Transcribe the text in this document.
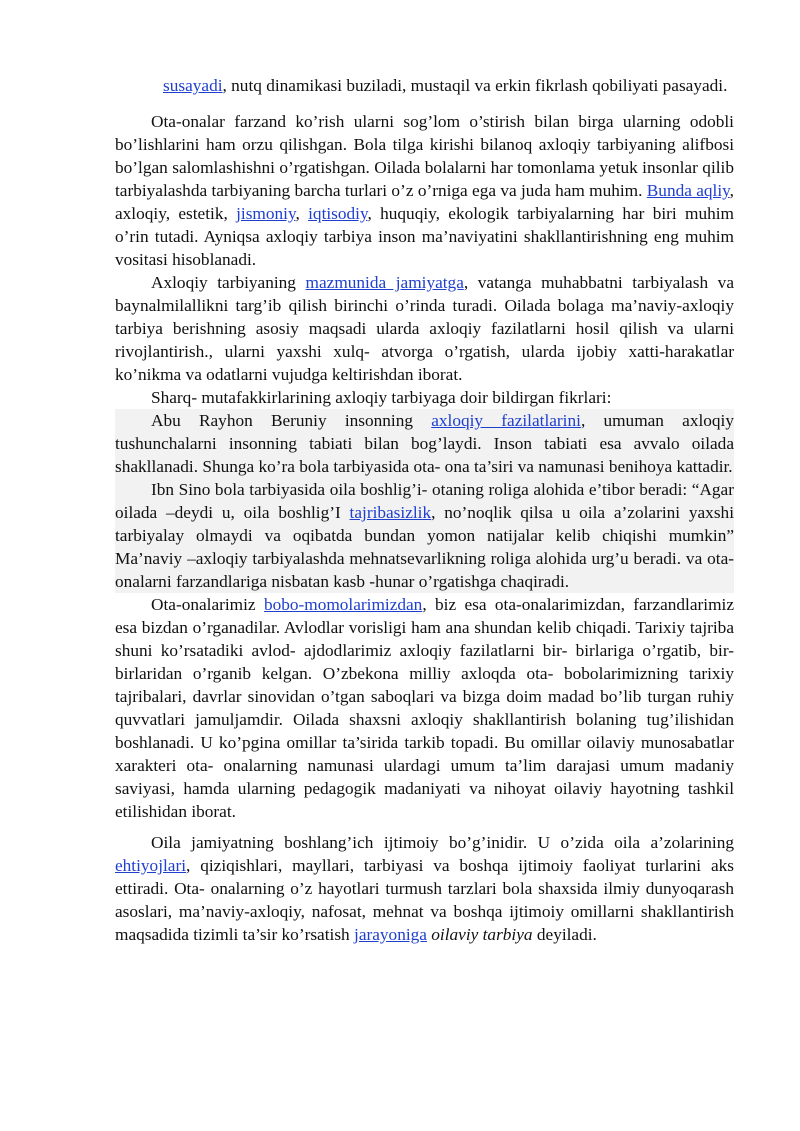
susayadi, nutq dinamikasi buziladi, mustaqil va erkin fikrlash qobiliyati pasayadi.

Ota-onalar farzand ko’rish ularni sog’lom o’stirish bilan birga ularning odobli bo’lishlarini ham orzu qilishgan. Bola tilga kirishi bilanoq axloqiy tarbiyaning alifbosi bo’lgan salomlashishni o’rgatishgan. Oilada bolalarni har tomonlama yetuk insonlar qilib tarbiyalashda tarbiyaning barcha turlari o’z o’rniga ega va juda ham muhim. Bunda aqliy, axloqiy, estetik, jismoniy, iqtisodiy, huquqiy, ekologik tarbiyalarning har biri muhim o’rin tutadi. Ayniqsa axloqiy tarbiya inson ma’naviyatini shakllantirishning eng muhim vositasi hisoblanadi.

Axloqiy tarbiyaning mazmunida jamiyatga, vatanga muhabbatni tarbiyalash va baynalmilallikni targ’ib qilish birinchi o’rinda turadi. Oilada bolaga ma’naviy-axloqiy tarbiya berishning asosiy maqsadi ularda axloqiy fazilatlarni hosil qilish va ularni rivojlantirish., ularni yaxshi xulq- atvorga o’rgatish, ularda ijobiy xatti-harakatlar ko’nikma va odatlarni vujudga keltirishdan iborat.

Sharq- mutafakkirlarining axloqiy tarbiyaga doir bildirgan fikrlari:

Abu Rayhon Beruniy insonning axloqiy fazilatlarini, umuman axloqiy tushunchalarni insonning tabiati bilan bog’laydi. Inson tabiati esa avvalo oilada shakllanadi. Shunga ko’ra bola tarbiyasida ota- ona ta’siri va namunasi benihoya kattadir.

Ibn Sino bola tarbiyasida oila boshlig’i- otaning roliga alohida e’tibor beradi: “Agar oilada –deydi u, oila boshlig’I tajribasizlik, no’noqlik qilsa u oila a’zolarini yaxshi tarbiyalay olmaydi va oqibatda bundan yomon natijalar kelib chiqishi mumkin” Ma’naviy –axloqiy tarbiyalashda mehnatsevarlikning roliga alohida urg’u beradi. va ota-onalarni farzandlariga nisbatan kasb -hunar o’rgatishga chaqiradi.

Ota-onalarimiz bobo-momolarimizdan, biz esa ota-onalarimizdan, farzandlarimiz esa bizdan o’rganadilar. Avlodlar vorisligi ham ana shundan kelib chiqadi. Tarixiy tajriba shuni ko’rsatadiki avlod- ajdodlarimiz axloqiy fazilatlarni bir- birlariga o’rgatib, bir- birlaridan o’rganib kelgan. O’zbekona milliy axloqda ota- bobolarimizning tarixiy tajribalari, davrlar sinovidan o’tgan saboqlari va bizga doim madad bo’lib turgan ruhiy quvvatlari jamuljamdir. Oilada shaxsni axloqiy shakllantirish bolaning tug’ilishidan boshlanadi. U ko’pgina omillar ta’sirida tarkib topadi. Bu omillar oilaviy munosabatlar xarakteri ota- onalarning namunasi ulardagi umum ta’lim darajasi umum madaniy saviyasi, hamda ularning pedagogik madaniyati va nihoyat oilaviy hayotning tashkil etilishidan iborat.

Oila jamiyatning boshlang’ich ijtimoiy bo’g’inidir. U o’zida oila a’zolarining ehtiyojlari, qiziqishlari, mayllari, tarbiyasi va boshqa ijtimoiy faoliyat turlarini aks ettiradi. Ota- onalarning o’z hayotlari turmush tarzlari bola shaxsida ilmiy dunyoqarash asoslari, ma’naviy-axloqiy, nafosat, mehnat va boshqa ijtimoiy omillarni shakllantirish maqsadida tizimli ta’sir ko’rsatish jarayoniga oilaviy tarbiya deyiladi.
